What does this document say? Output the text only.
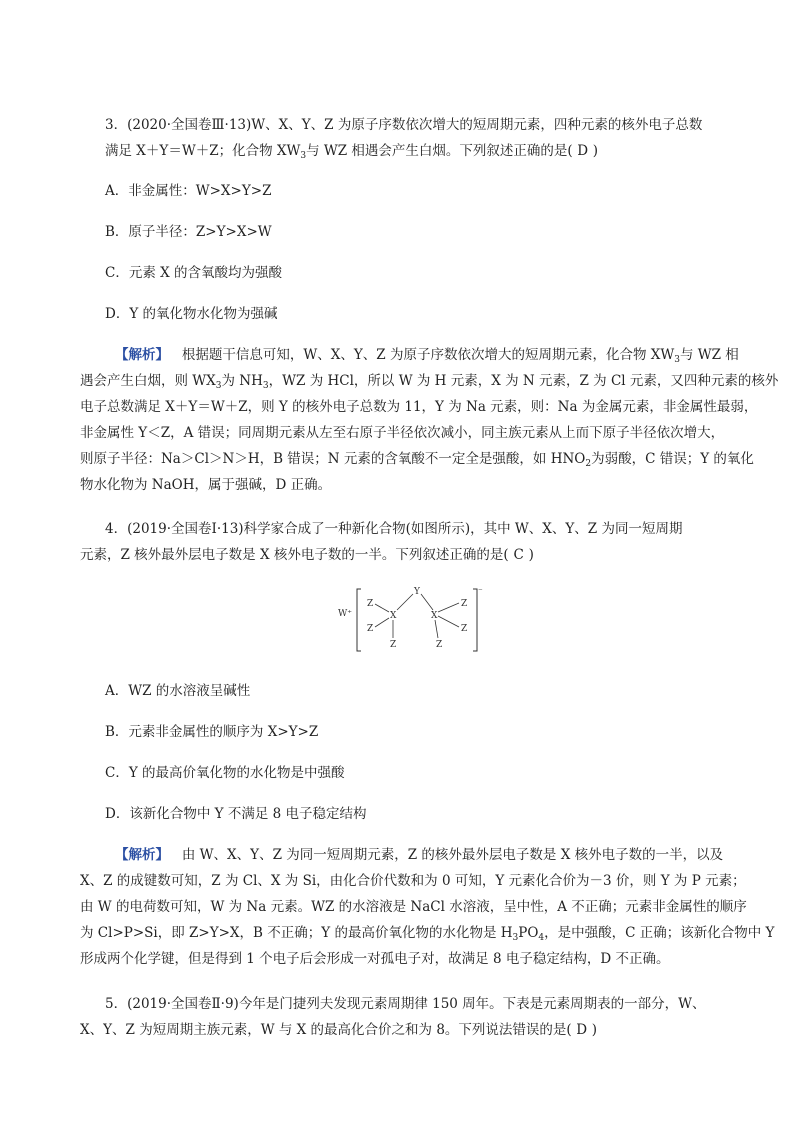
3．(2020·全国卷Ⅲ·13)W、X、Y、Z 为原子序数依次增大的短周期元素，四种元素的核外电子总数
满足 X＋Y＝W＋Z；化合物 $XW_3$与 WZ 相遇会产生白烟。下列叙述正确的是( D )
A．非金属性：W>X>Y>Z
B．原子半径：Z>Y>X>W
C．元素 X 的含氧酸均为强酸
D．Y 的氧化物水化物为强碱
【解析】 根据题干信息可知，W、X、Y、Z 为原子序数依次增大的短周期元素，化合物 $XW_3$与 WZ 相
遇会产生白烟，则 $WX_3$为 $NH_3$，WZ 为 HCl，所以 W 为 H 元素，X 为 N 元素，Z 为 Cl 元素，又四种元素的核外
电子总数满足 X＋Y＝W＋Z，则 Y 的核外电子总数为 11，Y 为 Na 元素，则：Na 为金属元素，非金属性最弱，
非金属性 Y＜Z，A 错误；同周期元素从左至右原子半径依次减小，同主族元素从上而下原子半径依次增大，
则原子半径：Na＞Cl＞N＞H，B 错误；N 元素的含氧酸不一定全是强酸，如 $HNO_2$为弱酸，C 错误；Y 的氧化
物水化物为 NaOH，属于强碱，D 正确。
4．(2019·全国卷Ⅰ·13)科学家合成了一种新化合物(如图所示)，其中 W、X、Y、Z 为同一短周期
元素，Z 核外最外层电子数是 X 核外电子数的一半。下列叙述正确的是( C )
W⁺
⁻
Z
Z
X
Z
Y
X
Z
Z
Z
A．WZ 的水溶液呈碱性
B．元素非金属性的顺序为 X>Y>Z
C．Y 的最高价氧化物的水化物是中强酸
D．该新化合物中 Y 不满足 8 电子稳定结构
【解析】 由 W、X、Y、Z 为同一短周期元素，Z 的核外最外层电子数是 X 核外电子数的一半，以及
X、Z 的成键数可知，Z 为 Cl、X 为 Si，由化合价代数和为 0 可知，Y 元素化合价为－3 价，则 Y 为 P 元素；
由 W 的电荷数可知，W 为 Na 元素。WZ 的水溶液是 NaCl 水溶液，呈中性，A 不正确；元素非金属性的顺序
为 Cl>P>Si，即 Z>Y>X，B 不正确；Y 的最高价氧化物的水化物是 $H_3PO_4$，是中强酸，C 正确；该新化合物中 Y
形成两个化学键，但是得到 1 个电子后会形成一对孤电子对，故满足 8 电子稳定结构，D 不正确。
5．(2019·全国卷Ⅱ·9)今年是门捷列夫发现元素周期律 150 周年。下表是元素周期表的一部分，W、
X、Y、Z 为短周期主族元素，W 与 X 的最高化合价之和为 8。下列说法错误的是( D )
